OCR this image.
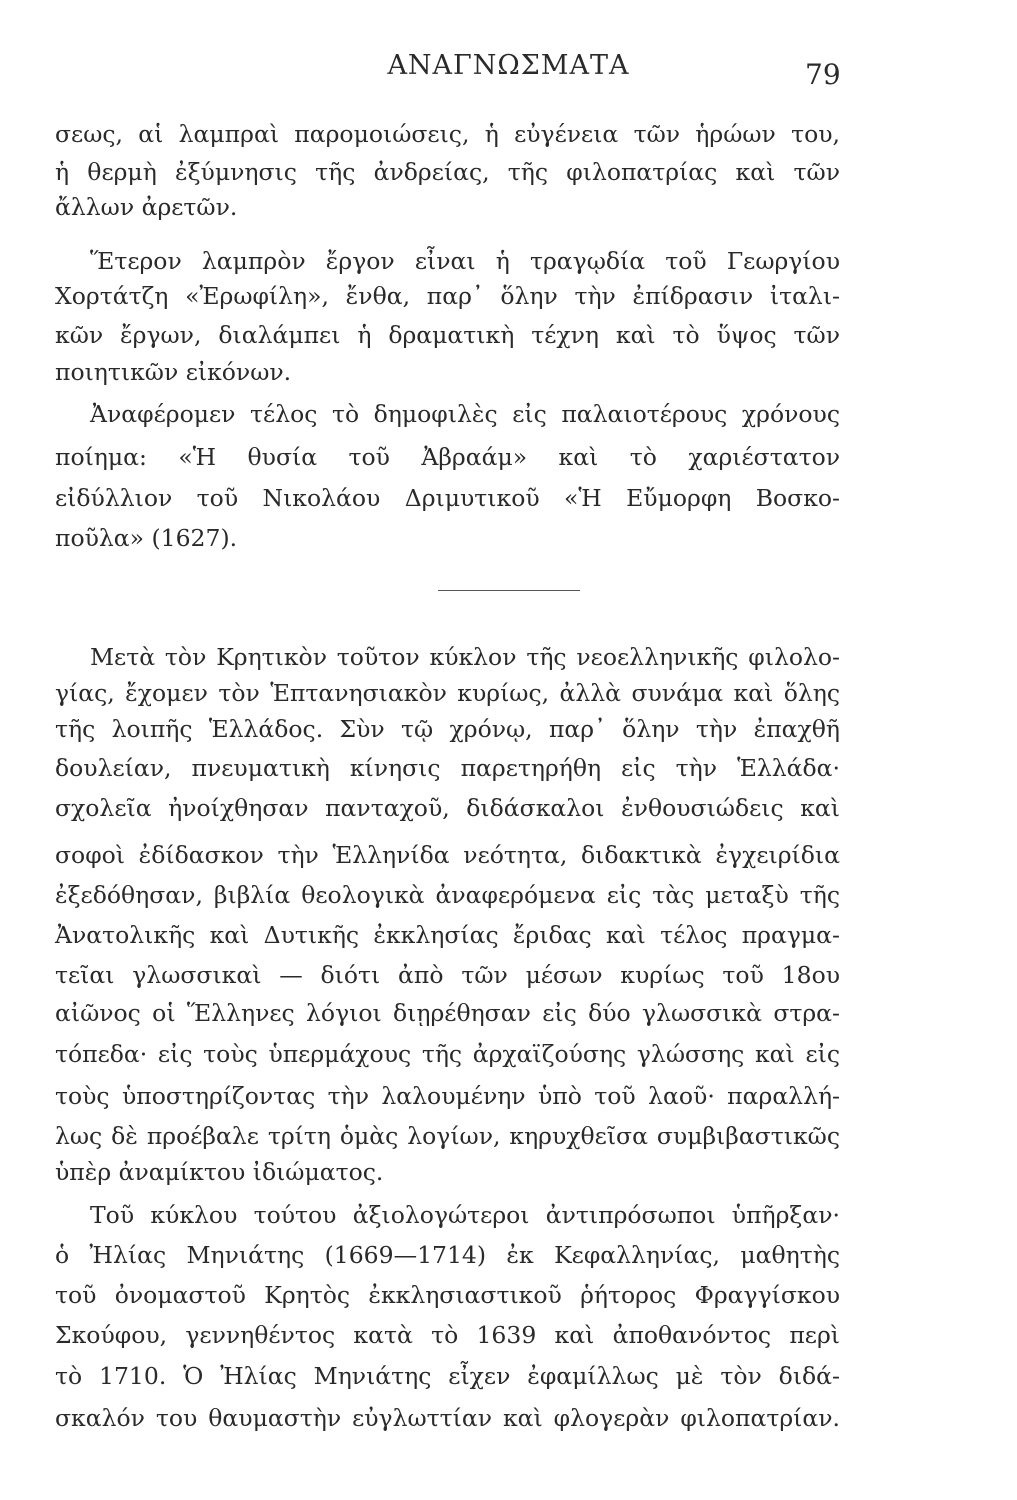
ΑΝΑΓΝΩΣΜΑΤΑ	79
σεως, αἱ λαμπραὶ παρομοιώσεις, ἡ εὐγένεια τῶν ἡρώων του,
ἡ θερμὴ ἐξύμνησις τῆς ἀνδρείας, τῆς φιλοπατρίας καὶ τῶν
ἄλλων ἀρετῶν.
Ἕτερον λαμπρὸν ἔργον εἶναι ἡ τραγῳδία τοῦ Γεωργίου
Χορτάτζη «Ἐρωφίλη», ἔνθα, παρ᾽ ὅλην τὴν ἐπίδρασιν ἰταλι-
κῶν ἔργων, διαλάμπει ἡ δραματικὴ τέχνη καὶ τὸ ὕψος τῶν
ποιητικῶν εἰκόνων.
Ἀναφέρομεν τέλος τὸ δημοφιλὲς εἰς παλαιοτέρους χρόνους
ποίημα: «Ἡ θυσία τοῦ Ἀβραάμ» καὶ τὸ χαριέστατον
εἰδύλλιον τοῦ Νικολάου Δριμυτικοῦ «Ἡ Εὔμορφη Βοσκο-
ποῦλα» (1627).
Μετὰ τὸν Κρητικὸν τοῦτον κύκλον τῆς νεοελληνικῆς φιλολο-
γίας, ἔχομεν τὸν Ἑπτανησιακὸν κυρίως, ἀλλὰ συνάμα καὶ ὅλης
τῆς λοιπῆς Ἑλλάδος. Σὺν τῷ χρόνῳ, παρ᾽ ὅλην τὴν ἐπαχθῆ
δουλείαν, πνευματικὴ κίνησις παρετηρήθη εἰς τὴν Ἑλλάδα·
σχολεῖα ἠνοίχθησαν πανταχοῦ, διδάσκαλοι ἐνθουσιώδεις καὶ
σοφοὶ ἐδίδασκον τὴν Ἑλληνίδα νεότητα, διδακτικὰ ἐγχειρίδια
ἐξεδόθησαν, βιβλία θεολογικὰ ἀναφερόμενα εἰς τὰς μεταξὺ τῆς
Ἀνατολικῆς καὶ Δυτικῆς ἐκκλησίας ἔριδας καὶ τέλος πραγμα-
τεῖαι γλωσσικαὶ — διότι ἀπὸ τῶν μέσων κυρίως τοῦ 18ου
αἰῶνος οἱ Ἕλληνες λόγιοι διῃρέθησαν εἰς δύο γλωσσικὰ στρα-
τόπεδα· εἰς τοὺς ὑπερμάχους τῆς ἀρχαϊζούσης γλώσσης καὶ εἰς
τοὺς ὑποστηρίζοντας τὴν λαλουμένην ὑπὸ τοῦ λαοῦ· παραλλή-
λως δὲ προέβαλε τρίτη ὁμὰς λογίων, κηρυχθεῖσα συμβιβαστικῶς
ὑπὲρ ἀναμίκτου ἰδιώματος.
Τοῦ κύκλου τούτου ἀξιολογώτεροι ἀντιπρόσωποι ὑπῆρξαν·
ὁ Ἠλίας Μηνιάτης (1669—1714) ἐκ Κεφαλληνίας, μαθητὴς
τοῦ ὀνομαστοῦ Κρητὸς ἐκκλησιαστικοῦ ῥήτορος Φραγγίσκου
Σκούφου, γεννηθέντος κατὰ τὸ 1639 καὶ ἀποθανόντος περὶ
τὸ 1710. Ὁ Ἠλίας Μηνιάτης εἶχεν ἐφαμίλλως μὲ τὸν διδά-
σκαλόν του θαυμαστὴν εὐγλωττίαν καὶ φλογερὰν φιλοπατρίαν.
